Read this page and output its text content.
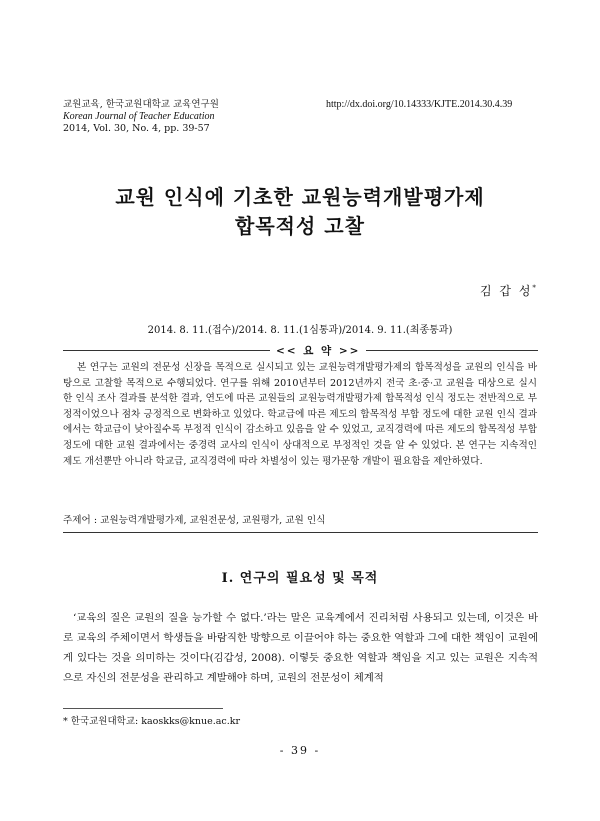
교원교육, 한국교원대학교 교육연구원
Korean Journal of Teacher Education
2014, Vol. 30, No. 4, pp. 39-57
http://dx.doi.org/10.14333/KJTE.2014.30.4.39
교원 인식에 기초한 교원능력개발평가제
합목적성 고찰
김 갑 성*
2014. 8. 11.(접수)/2014. 8. 11.(1심통과)/2014. 9. 11.(최종통과)
<< 요 약 >>

본 연구는 교원의 전문성 신장을 목적으로 실시되고 있는 교원능력개발평가제의 합목적성을 교원의 인식을 바탕으로 고찰할 목적으로 수행되었다. 연구를 위해 2010년부터 2012년까지 전국 초·중·고 교원을 대상으로 실시한 인식 조사 결과를 분석한 결과, 연도에 따른 교원들의 교원능력개발평가제 합목적성 인식 정도는 전반적으로 부정적이었으나 점차 긍정적으로 변화하고 있었다. 학교급에 따른 제도의 합목적성 부합 정도에 대한 교원 인식 결과에서는 학교급이 낮아질수록 부정적 인식이 감소하고 있음을 알 수 있었고, 교직경력에 따른 제도의 합목적성 부합 정도에 대한 교원 결과에서는 중경력 교사의 인식이 상대적으로 부정적인 것을 알 수 있었다. 본 연구는 지속적인 제도 개선뿐만 아니라 학교급, 교직경력에 따라 차별성이 있는 평가문항 개발이 필요함을 제안하였다.

주제어 : 교원능력개발평가제, 교원전문성, 교원평가, 교원 인식
Ⅰ. 연구의 필요성 및 목적

‘교육의 질은 교원의 질을 능가할 수 없다.’라는 말은 교육계에서 진리처럼 사용되고 있는데, 이것은 바로 교육의 주체이면서 학생들을 바람직한 방향으로 이끌어야 하는 중요한 역할과 그에 대한 책임이 교원에게 있다는 것을 의미하는 것이다(김갑성, 2008). 이렇듯 중요한 역할과 책임을 지고 있는 교원은 지속적으로 자신의 전문성을 관리하고 계발해야 하며, 교원의 전문성이 체계적

* 한국교원대학교: kaoskks@knue.ac.kr
- 39 -
